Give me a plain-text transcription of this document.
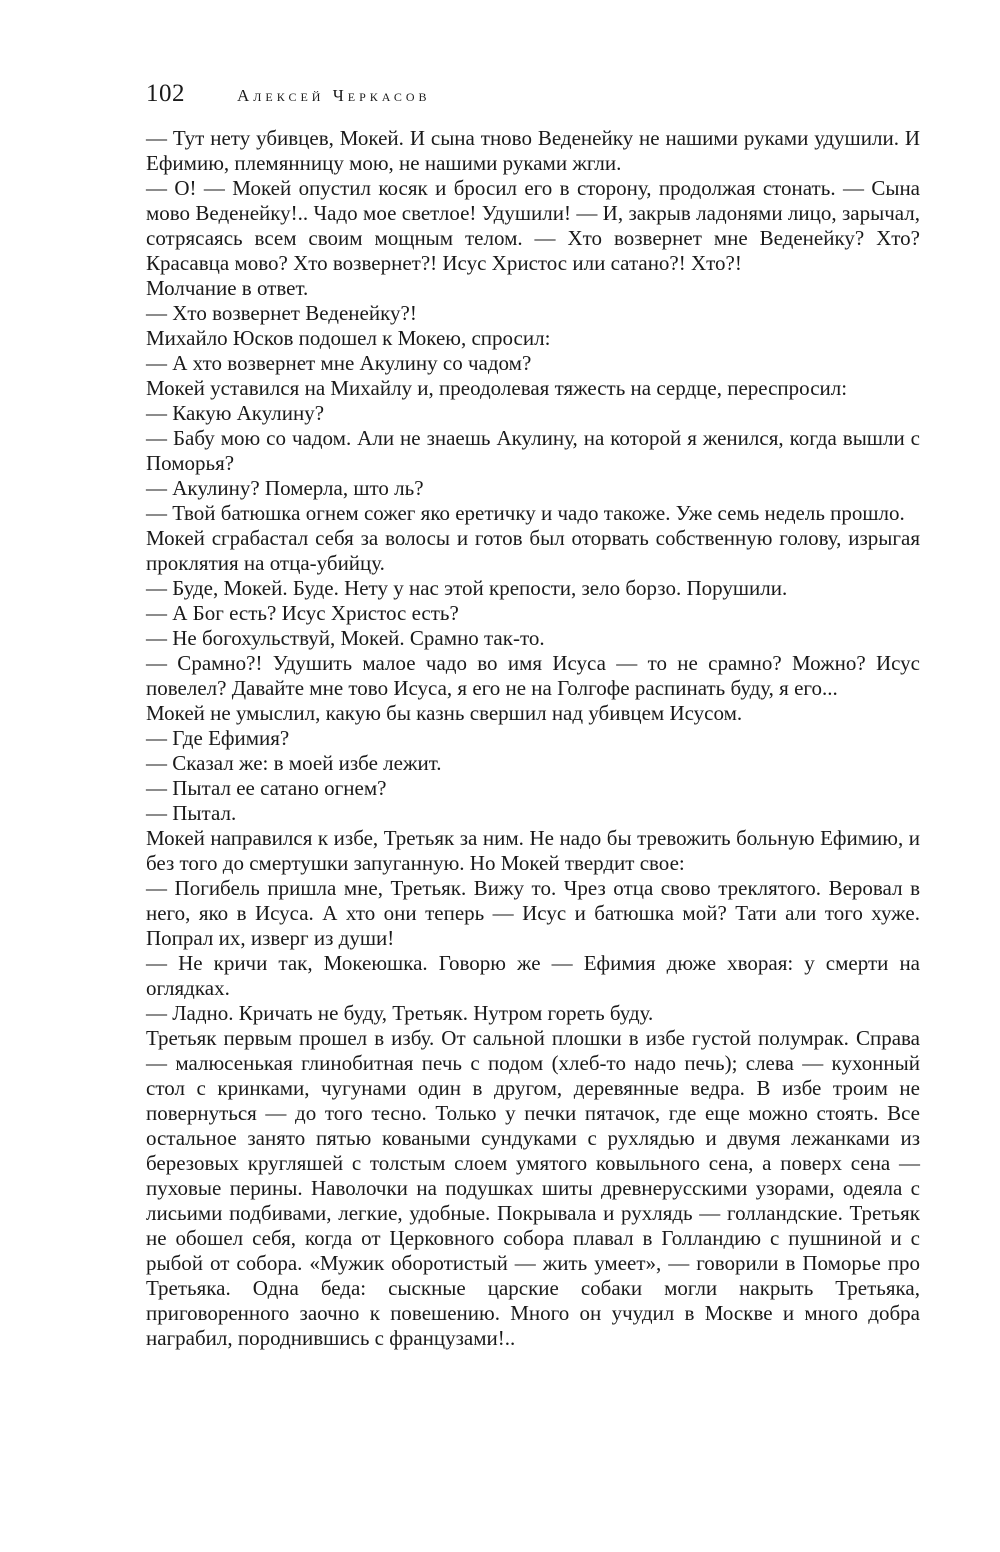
102	Алексей Черкасов

— Тут нету убивцев, Мокей. И сына тново Веденейку не нашими руками удушили. И Ефимию, племянницу мою, не нашими руками жгли.

— О! — Мокей опустил косяк и бросил его в сторону, продолжая стонать. — Сына мово Веденейку!.. Чадо мое светлое! Удушили! — И, закрыв ладонями лицо, зарычал, сотрясаясь всем своим мощным телом. — Хто возвернет мне Веденейку? Хто? Красавца мово? Хто возвернет?! Исус Христос или сатано?! Хто?!

Молчание в ответ.

— Хто возвернет Веденейку?!

Михайло Юсков подошел к Мокею, спросил:

— А хто возвернет мне Акулину со чадом?

Мокей уставился на Михайлу и, преодолевая тяжесть на сердце, переспросил:

— Какую Акулину?

— Бабу мою со чадом. Али не знаешь Акулину, на которой я женился, когда вышли с Поморья?

— Акулину? Померла, што ль?

— Твой батюшка огнем сожег яко еретичку и чадо такоже. Уже семь недель прошло.

Мокей сграбастал себя за волосы и готов был оторвать собственную голову, изрыгая проклятия на отца-убийцу.

— Буде, Мокей. Буде. Нету у нас этой крепости, зело борзо. Порушили.

— А Бог есть? Исус Христос есть?

— Не богохульствуй, Мокей. Срамно так-то.

— Срамно?! Удушить малое чадо во имя Исуса — то не срамно? Можно? Исус повелел? Давайте мне тово Исуса, я его не на Голгофе распинать буду, я его...

Мокей не умыслил, какую бы казнь свершил над убивцем Исусом.

— Где Ефимия?

— Сказал же: в моей избе лежит.

— Пытал ее сатано огнем?

— Пытал.

Мокей направился к избе, Третьяк за ним. Не надо бы тревожить больную Ефимию, и без того до смертушки запуганную. Но Мокей твердит свое:

— Погибель пришла мне, Третьяк. Вижу то. Чрез отца свово треклятого. Веровал в него, яко в Исуса. А хто они теперь — Исус и батюшка мой? Тати али того хуже. Попрал их, изверг из души!

— Не кричи так, Мокеюшка. Говорю же — Ефимия дюже хворая: у смерти на оглядках.

— Ладно. Кричать не буду, Третьяк. Нутром гореть буду.

Третьяк первым прошел в избу. От сальной плошки в избе густой полумрак. Справа — малюсенькая глинобитная печь с подом (хлеб-то надо печь); слева — кухонный стол с кринками, чугунами один в другом, деревянные ведра. В избе троим не повернуться — до того тесно. Только у печки пятачок, где еще можно стоять. Все остальное занято пятью коваными сундуками с рухлядью и двумя лежанками из березовых кругляшей с толстым слоем умятого ковыльного сена, а поверх сена — пуховые перины. Наволочки на подушках шиты древнерусскими узорами, одеяла с лисьими подбивами, легкие, удобные. Покрывала и рухлядь — голландские. Третьяк не обошел себя, когда от Церковного собора плавал в Голландию с пушниной и с рыбой от собора. «Мужик оборотистый — жить умеет», — говорили в Поморье про Третьяка. Одна беда: сыскные царские собаки могли накрыть Третьяка, приговоренного заочно к повешению. Много он учудил в Москве и много добра награбил, породнившись с французами!..
